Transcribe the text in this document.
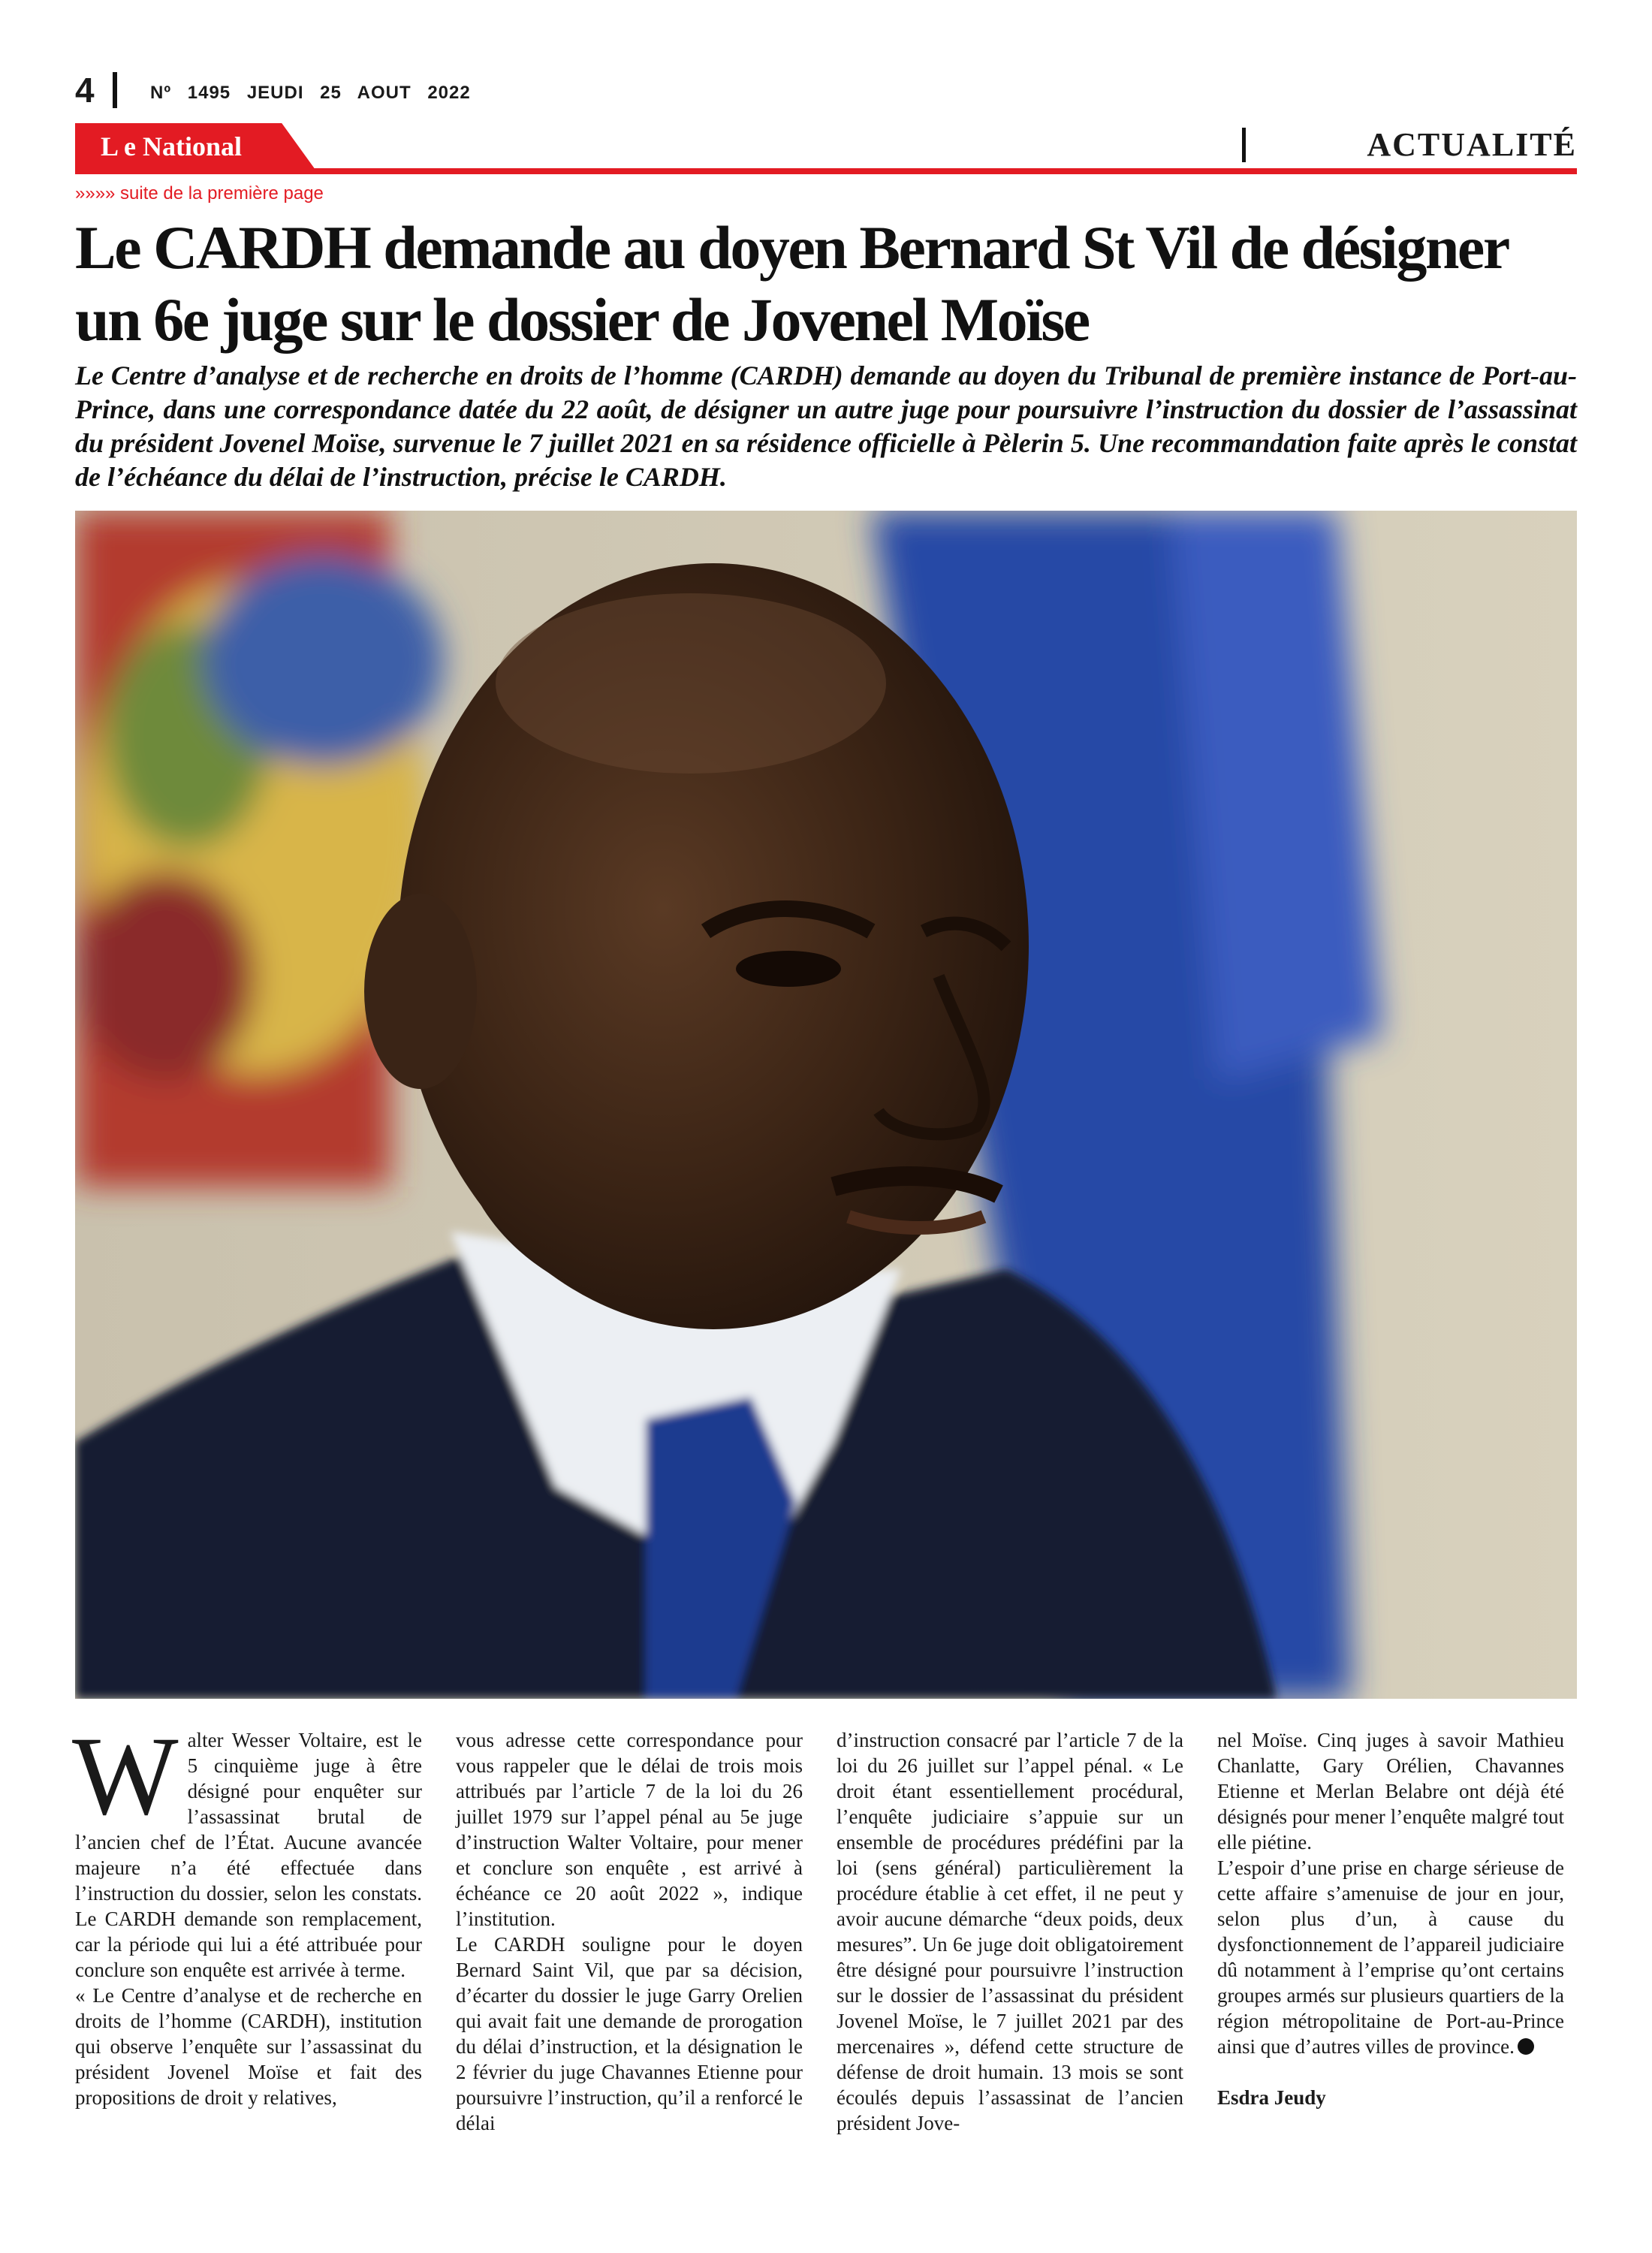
4	Nº 1495 JEUDI 25 AOUT 2022
L e National	ACTUALITÉ
»»»» suite de la première page
Le CARDH demande au doyen Bernard St Vil de désigner un 6e juge sur le dossier de Jovenel Moïse

Le Centre d’analyse et de recherche en droits de l’homme (CARDH) demande au doyen du Tribunal de première instance de Port-au-Prince, dans une correspondance datée du 22 août, de désigner un autre juge pour poursuivre l’instruction du dossier de l’assassinat du président Jovenel Moïse, survenue le 7 juillet 2021 en sa résidence officielle à Pèlerin 5. Une recommandation faite après le constat de l’échéance du délai de l’instruction, précise le CARDH.

W alter Wesser Voltaire, est le 5 cinquième juge à être désigné pour enquêter sur l’assassinat brutal de l’ancien chef de l’État. Aucune avancée majeure n’a été effectuée dans l’instruction du dossier, selon les constats. Le CARDH demande son remplacement, car la période qui lui a été attribuée pour conclure son enquête est arrivée à terme.

« Le Centre d’analyse et de recherche en droits de l’homme (CARDH), institution qui observe l’enquête sur l’assassinat du président Jovenel Moïse et fait des propositions de droit y relatives,

vous adresse cette correspondance pour vous rappeler que le délai de trois mois attribués par l’article 7 de la loi du 26 juillet 1979 sur l’appel pénal au 5e juge d’instruction Walter Voltaire, pour mener et conclure son enquête , est arrivé à échéance ce 20 août 2022 », indique l’institution.

Le CARDH souligne pour le doyen Bernard Saint Vil, que par sa décision, d’écarter du dossier le juge Garry Orelien qui avait fait une demande de prorogation du délai d’instruction, et la désignation le 2 février du juge Chavannes Etienne pour poursuivre l’instruction, qu’il a renforcé le délai

d’instruction consacré par l’article 7 de la loi du 26 juillet sur l’appel pénal. « Le droit étant essentiellement procédural, l’enquête judiciaire s’appuie sur un ensemble de procédures prédéfini par la loi (sens général) particulièrement la procédure établie à cet effet, il ne peut y avoir aucune démarche “deux poids, deux mesures”. Un 6e juge doit obligatoirement être désigné pour poursuivre l’instruction sur le dossier de l’assassinat du président Jovenel Moïse, le 7 juillet 2021 par des mercenaires », défend cette structure de défense de droit humain. 13 mois se sont écoulés depuis l’assassinat de l’ancien président Jove-

nel Moïse. Cinq juges à savoir Mathieu Chanlatte, Gary Orélien, Chavannes Etienne et Merlan Belabre ont déjà été désignés pour mener l’enquête malgré tout elle piétine.

L’espoir d’une prise en charge sérieuse de cette affaire s’amenuise de jour en jour, selon plus d’un, à cause du dysfonctionnement de l’appareil judiciaire dû notamment à l’emprise qu’ont certains groupes armés sur plusieurs quartiers de la région métropolitaine de Port-au-Prince ainsi que d’autres villes de province.

Esdra Jeudy
